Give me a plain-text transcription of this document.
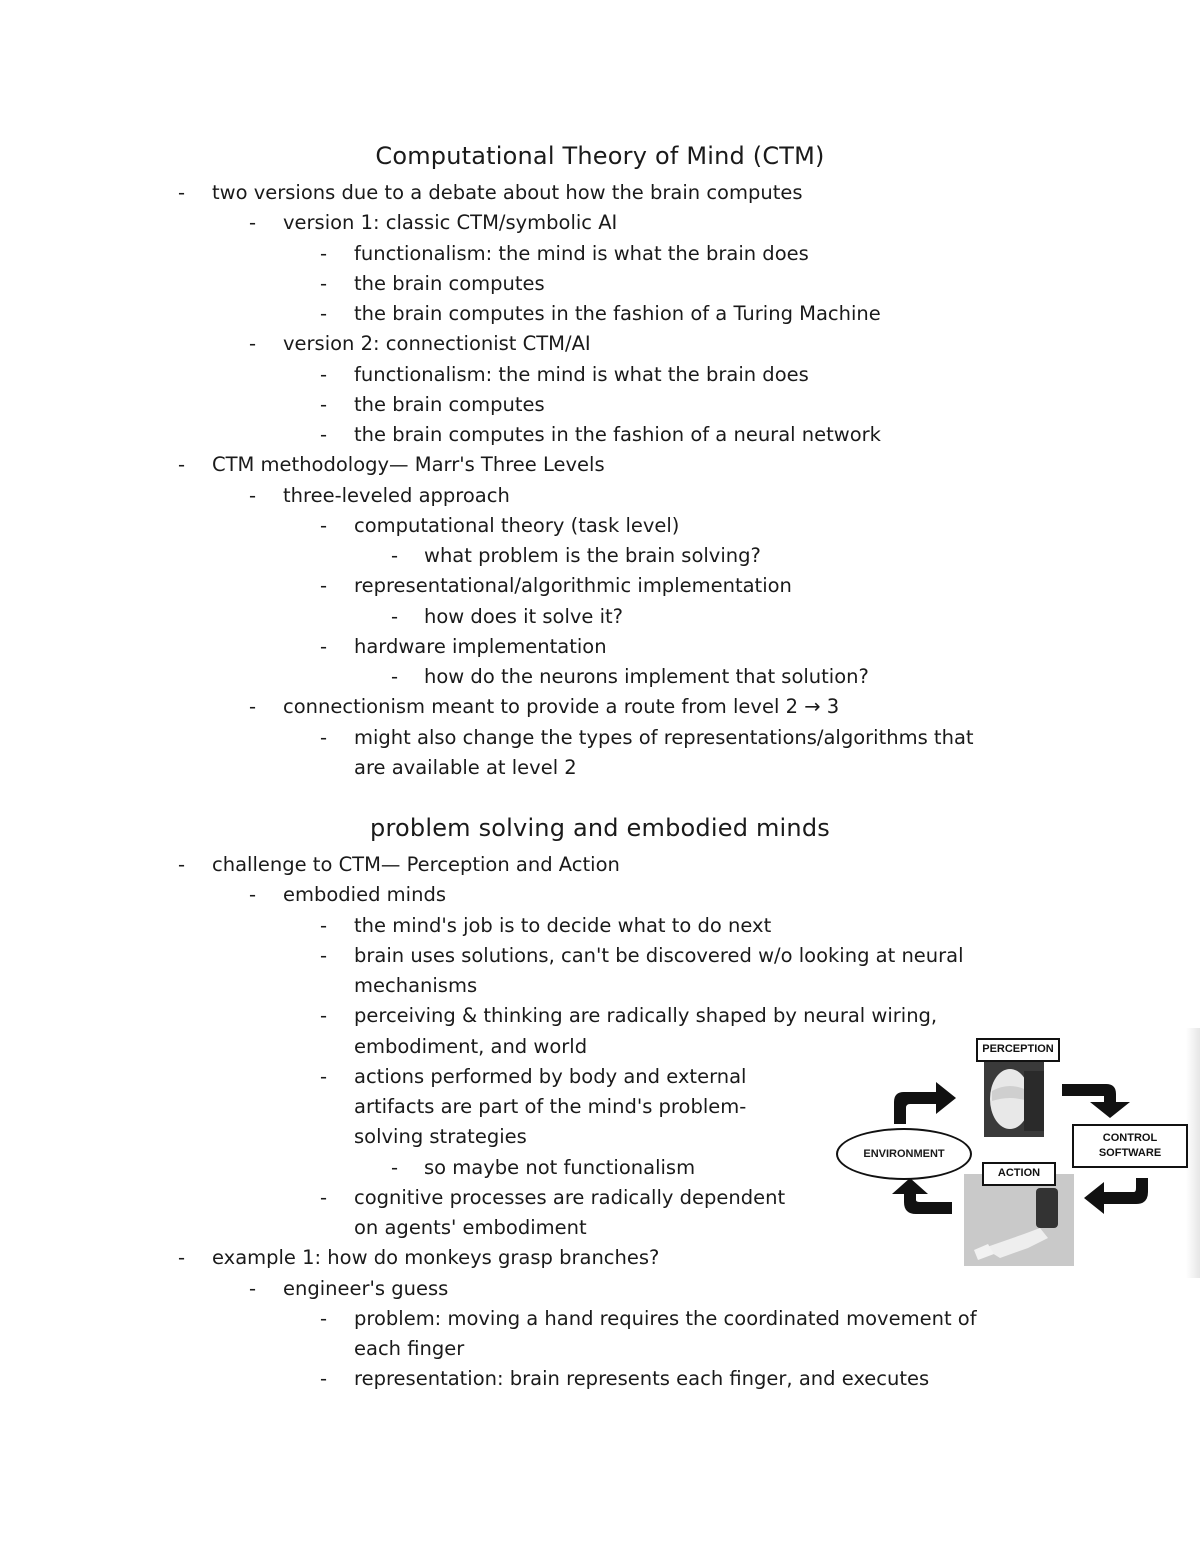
Computational Theory of Mind (CTM)
- two versions due to a debate about how the brain computes
- version 1: classic CTM/symbolic AI
- functionalism: the mind is what the brain does
- the brain computes
- the brain computes in the fashion of a Turing Machine
- version 2: connectionist CTM/AI
- functionalism: the mind is what the brain does
- the brain computes
- the brain computes in the fashion of a neural network
- CTM methodology— Marr's Three Levels
- three-leveled approach
- computational theory (task level)
- what problem is the brain solving?
- representational/algorithmic implementation
- how does it solve it?
- hardware implementation
- how do the neurons implement that solution?
- connectionism meant to provide a route from level 2 → 3
- might also change the types of representations/algorithms that
are available at level 2
problem solving and embodied minds
- challenge to CTM— Perception and Action
- embodied minds
- the mind's job is to decide what to do next
- brain uses solutions, can't be discovered w/o looking at neural
mechanisms
- perceiving & thinking are radically shaped by neural wiring,
embodiment, and world
- actions performed by body and external
artifacts are part of the mind's problem-
solving strategies
- so maybe not functionalism
- cognitive processes are radically dependent
on agents' embodiment
- example 1: how do monkeys grasp branches?
- engineer's guess
- problem: moving a hand requires the coordinated movement of
each finger
- representation: brain represents each finger, and executes
PERCEPTION
CONTROL
SOFTWARE
ACTION
ENVIRONMENT
